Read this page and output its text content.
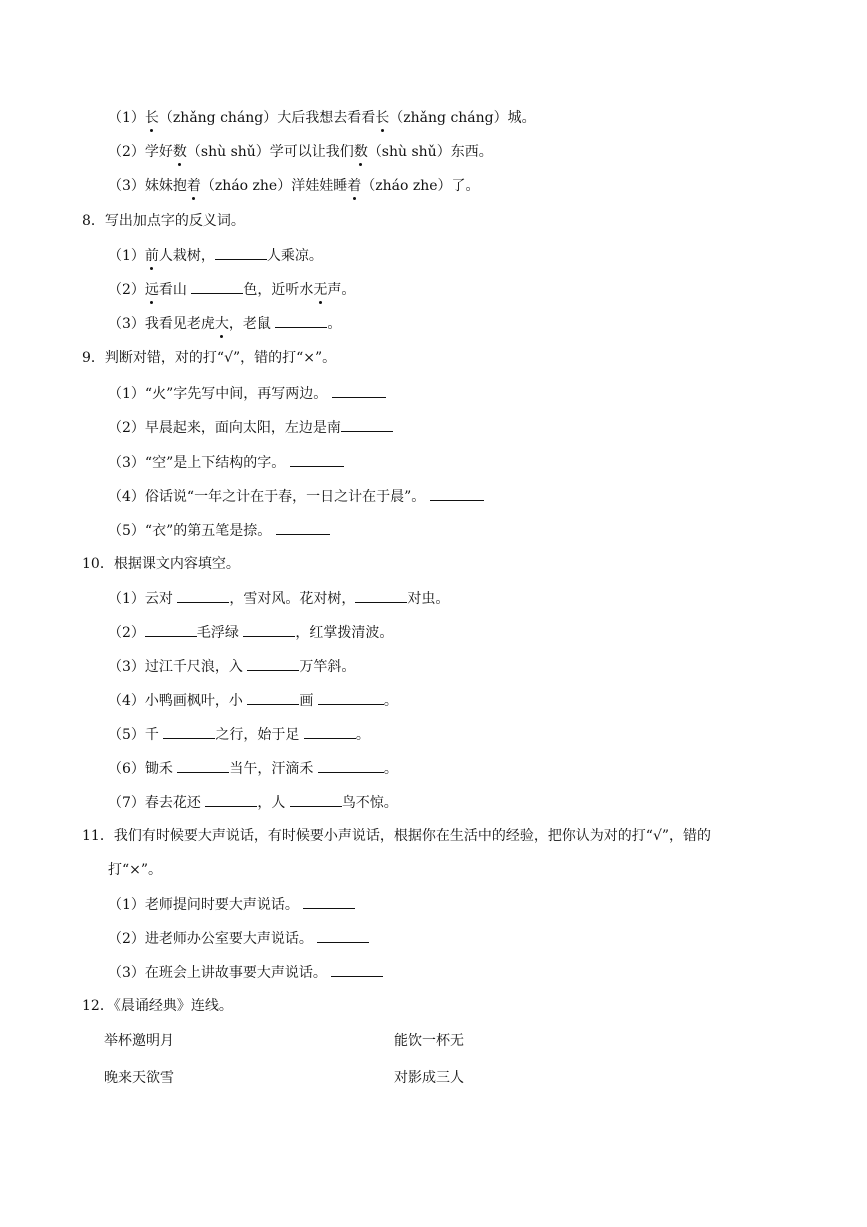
（1）长（zhǎng cháng）大后我想去看看长（zhǎng cháng）城。
（2）学好数（shù shǔ）学可以让我们数（shù shǔ）东西。
（3）妹妹抱着（zháo zhe）洋娃娃睡着（zháo zhe）了。
8．写出加点字的反义词。
（1）前人栽树，	人乘凉。
（2）远看山	色，近听水无声。
（3）我看见老虎大，老鼠	。
9．判断对错，对的打“√”，错的打“×”。
（1）“火”字先写中间，再写两边。
（2）早晨起来，面向太阳，左边是南
（3）“空”是上下结构的字。
（4）俗话说“一年之计在于春，一日之计在于晨”。
（5）“衣”的第五笔是捺。
10．根据课文内容填空。
（1）云对	，雪对风。花对树，	对虫。
（2）	毛浮绿	，红掌拨清波。
（3）过江千尺浪，入	万竿斜。
（4）小鸭画枫叶，小	画	。
（5）千	之行，始于足	。
（6）锄禾	当午，汗滴禾	。
（7）春去花还	，人	鸟不惊。
11．我们有时候要大声说话，有时候要小声说话，根据你在生活中的经验，把你认为对的打“√”，错的
打“×”。
（1）老师提问时要大声说话。
（2）进老师办公室要大声说话。
（3）在班会上讲故事要大声说话。
12．《晨诵经典》连线。
举杯邀明月	能饮一杯无
晚来天欲雪	对影成三人
